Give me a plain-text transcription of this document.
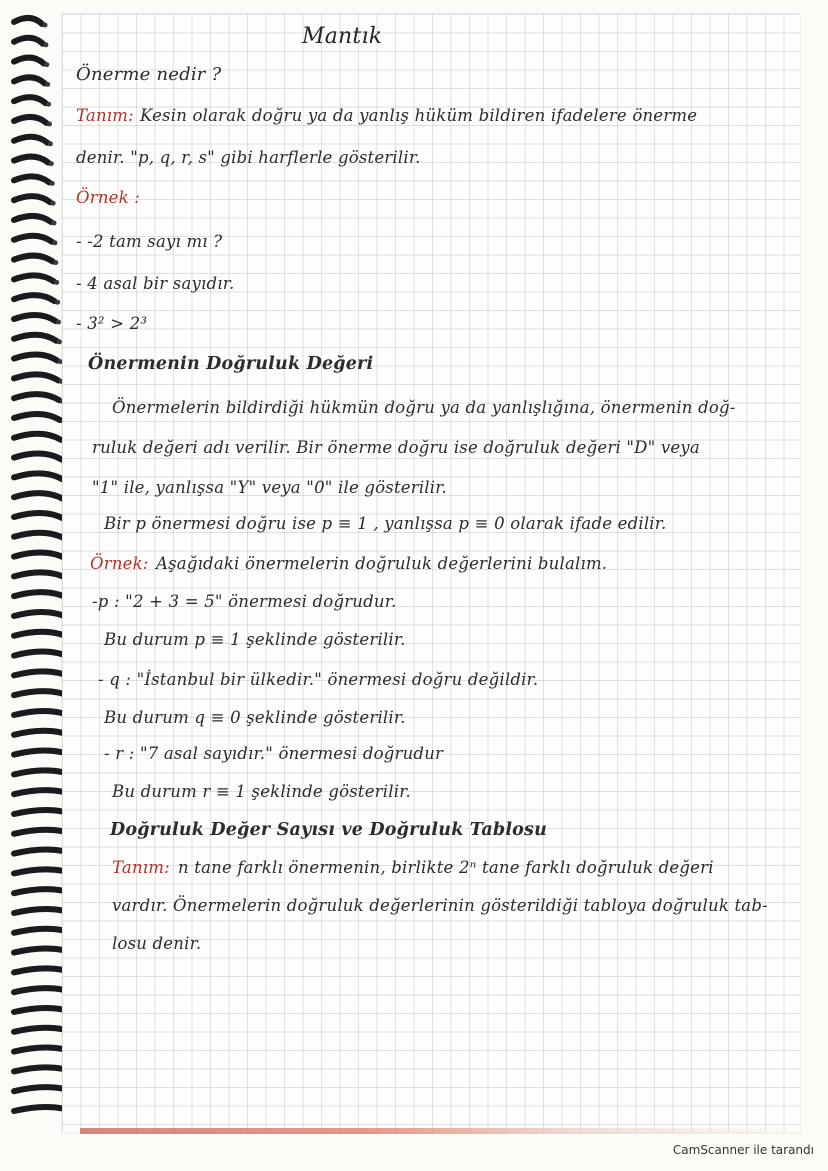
Mantık
Önerme nedir ?
Tanım: Kesin olarak doğru ya da yanlış hüküm bildiren ifadelere önerme
denir. "p, q, r, s" gibi harflerle gösterilir.
Örnek :
- -2 tam sayı mı ?
- 4 asal bir sayıdır.
- 3² > 2³
Önermenin Doğruluk Değeri
Önermelerin bildirdiği hükmün doğru ya da yanlışlığına, önermenin doğ-
ruluk değeri adı verilir. Bir önerme doğru ise doğruluk değeri "D" veya
"1" ile, yanlışsa "Y" veya "0" ile gösterilir.
Bir p önermesi doğru ise p ≡ 1 , yanlışsa p ≡ 0 olarak ifade edilir.
Örnek: Aşağıdaki önermelerin doğruluk değerlerini bulalım.
-p : "2 + 3 = 5" önermesi doğrudur.
Bu durum p ≡ 1 şeklinde gösterilir.
- q : "İstanbul bir ülkedir." önermesi doğru değildir.
Bu durum q ≡ 0 şeklinde gösterilir.
- r : "7 asal sayıdır." önermesi doğrudur
Bu durum r ≡ 1 şeklinde gösterilir.
Doğruluk Değer Sayısı ve Doğruluk Tablosu
Tanım: n tane farklı önermenin, birlikte 2ⁿ tane farklı doğruluk değeri
vardır. Önermelerin doğruluk değerlerinin gösterildiği tabloya doğruluk tab-
losu denir.
CamScanner ile tarandı
